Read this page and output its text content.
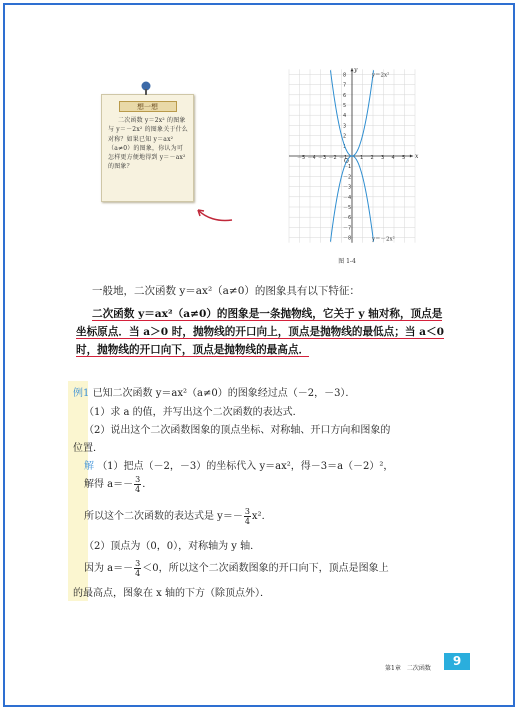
想一想
二次函数 y＝2x² 的图象与 y＝－2x² 的图象关于什么对称？如果已知 y＝ax²（a≠0）的图象，你认为可怎样更方便地得到 y＝－ax² 的图象？
x
y
O
－5 －4 －3 －2 －1	1 2 3 4 5
8
7
6
5
4
3
2
1
－1
－2
－3
－4
－5
－6
－7
－8
y＝2x²
y＝－2x²
图 1-4
一般地，二次函数 y＝ax²（a≠0）的图象具有以下特征：
二次函数 y＝ax²（a≠0）的图象是一条抛物线，它关于 y 轴对称，顶点是坐标原点．当 a＞0 时，抛物线的开口向上，顶点是抛物线的最低点；当 a＜0 时，抛物线的开口向下，顶点是抛物线的最高点．
例1 已知二次函数 y＝ax²（a≠0）的图象经过点（－2，－3）．
（1）求 a 的值，并写出这个二次函数的表达式．
（2）说出这个二次函数图象的顶点坐标、对称轴、开口方向和图象的
位置．
解 （1）把点（－2，－3）的坐标代入 y＝ax²，得－3＝a（－2）²，
解得 $a=- \frac{3}{4}$ ．
所以这个二次函数的表达式是 $y=- \frac{3}{4} x^2$．
（2）顶点为（0，0），对称轴为 y 轴．
因为 $a=- \frac{3}{4} <0$，所以这个二次函数图象的开口向下，顶点是图象上
的最高点，图象在 x 轴的下方（除顶点外）．
第1章　二次函数
9
